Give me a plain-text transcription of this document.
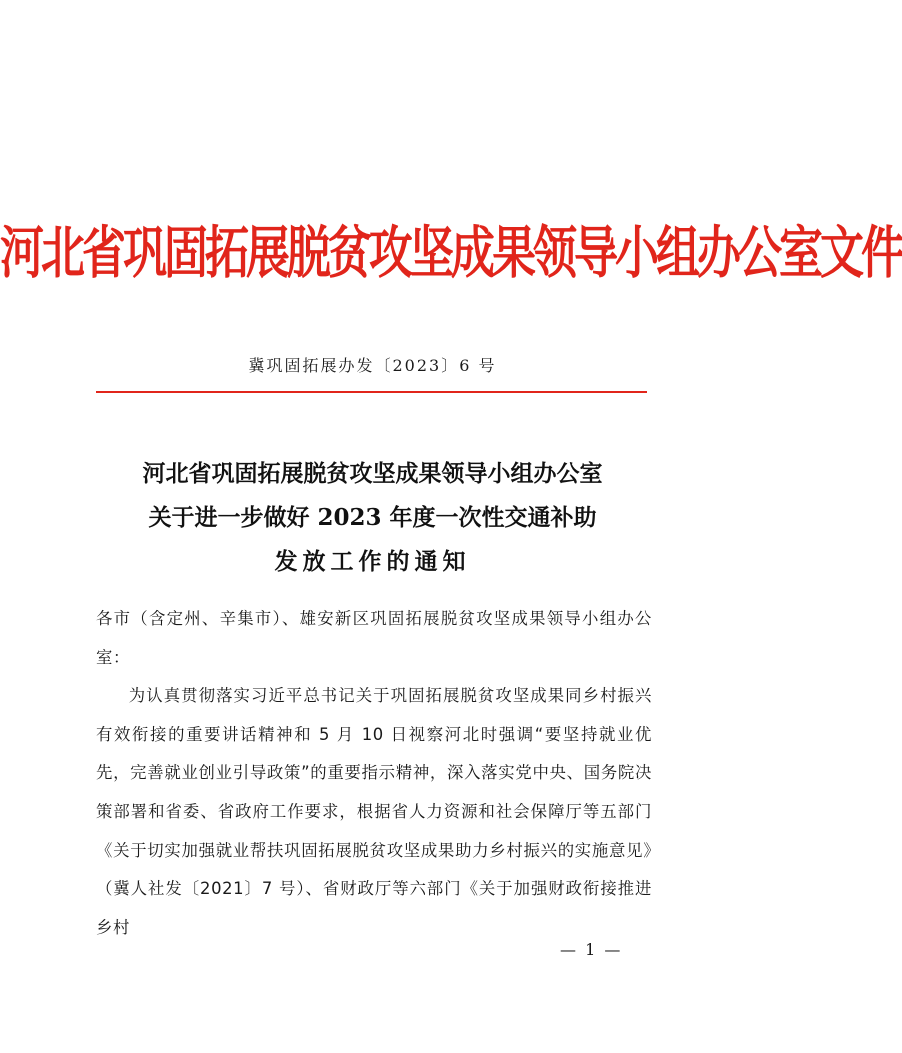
河北省巩固拓展脱贫攻坚成果领导小组办公室文件
冀巩固拓展办发〔2023〕6 号
河北省巩固拓展脱贫攻坚成果领导小组办公室
关于进一步做好 2023 年度一次性交通补助
发放工作的通知

各市（含定州、辛集市）、雄安新区巩固拓展脱贫攻坚成果领导小组办公室：

为认真贯彻落实习近平总书记关于巩固拓展脱贫攻坚成果同乡村振兴有效衔接的重要讲话精神和 5 月 10 日视察河北时强调“要坚持就业优先，完善就业创业引导政策”的重要指示精神，深入落实党中央、国务院决策部署和省委、省政府工作要求，根据省人力资源和社会保障厅等五部门《关于切实加强就业帮扶巩固拓展脱贫攻坚成果助力乡村振兴的实施意见》（冀人社发〔2021〕7 号）、省财政厅等六部门《关于加强财政衔接推进乡村

— 1 —
